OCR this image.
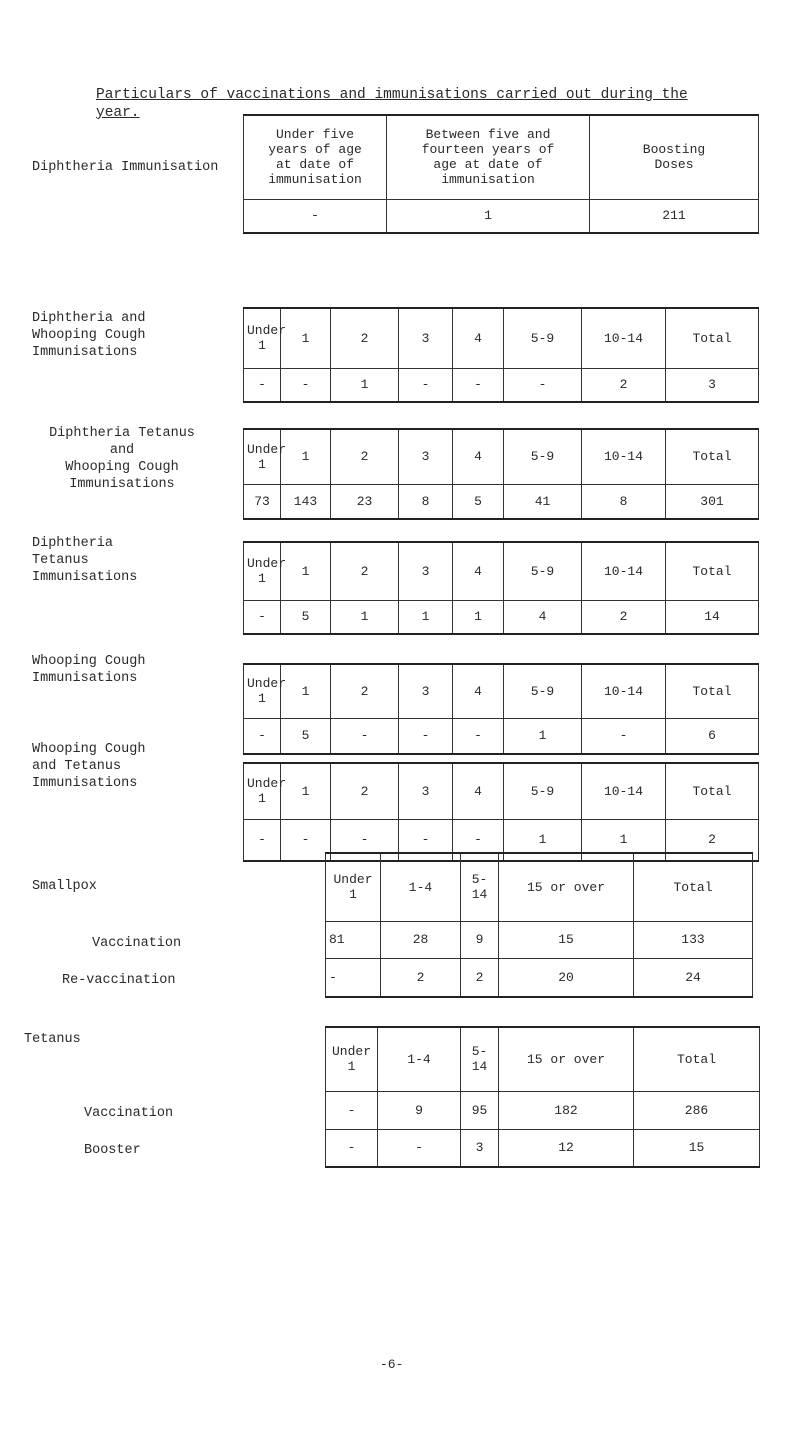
Particulars of vaccinations and immunisations carried out during the year.
Diphtheria Immunisation
Under five
years of age
at date of
immunisation	Between five and
fourteen years of
age at date of
immunisation	Boosting
Doses
-	1	211
Diphtheria and
Whooping Cough
Immunisations
Under
1	1	2	3	4	5-9	10-14	Total
-	-	1	-	-	-	2	3
Diphtheria Tetanus
and
Whooping Cough
Immunisations
Under
1	1	2	3	4	5-9	10-14	Total
73	143	23	8	5	41	8	301
Diphtheria
Tetanus
Immunisations
Under
1	1	2	3	4	5-9	10-14	Total
-	5	1	1	1	4	2	14
Whooping Cough
Immunisations	Under
1	1	2	3	4	5-9	10-14	Total
-	5	-	-	-	1	-	6
Whooping Cough
and Tetanus
Immunisations	Under
1	1	2	3	4	5-9	10-14	Total
-	-	-	-	-	1	1	2
Smallpox
Vaccination
Re-vaccination
Under
1	1-4	5-14	15 or over	Total
81	28	9	15	133
-	2	2	20	24
Tetanus
Vaccination
Booster
Under
1	1-4	5-14	15 or over	Total
-	9	95	182	286
-	-	3	12	15
-6-
